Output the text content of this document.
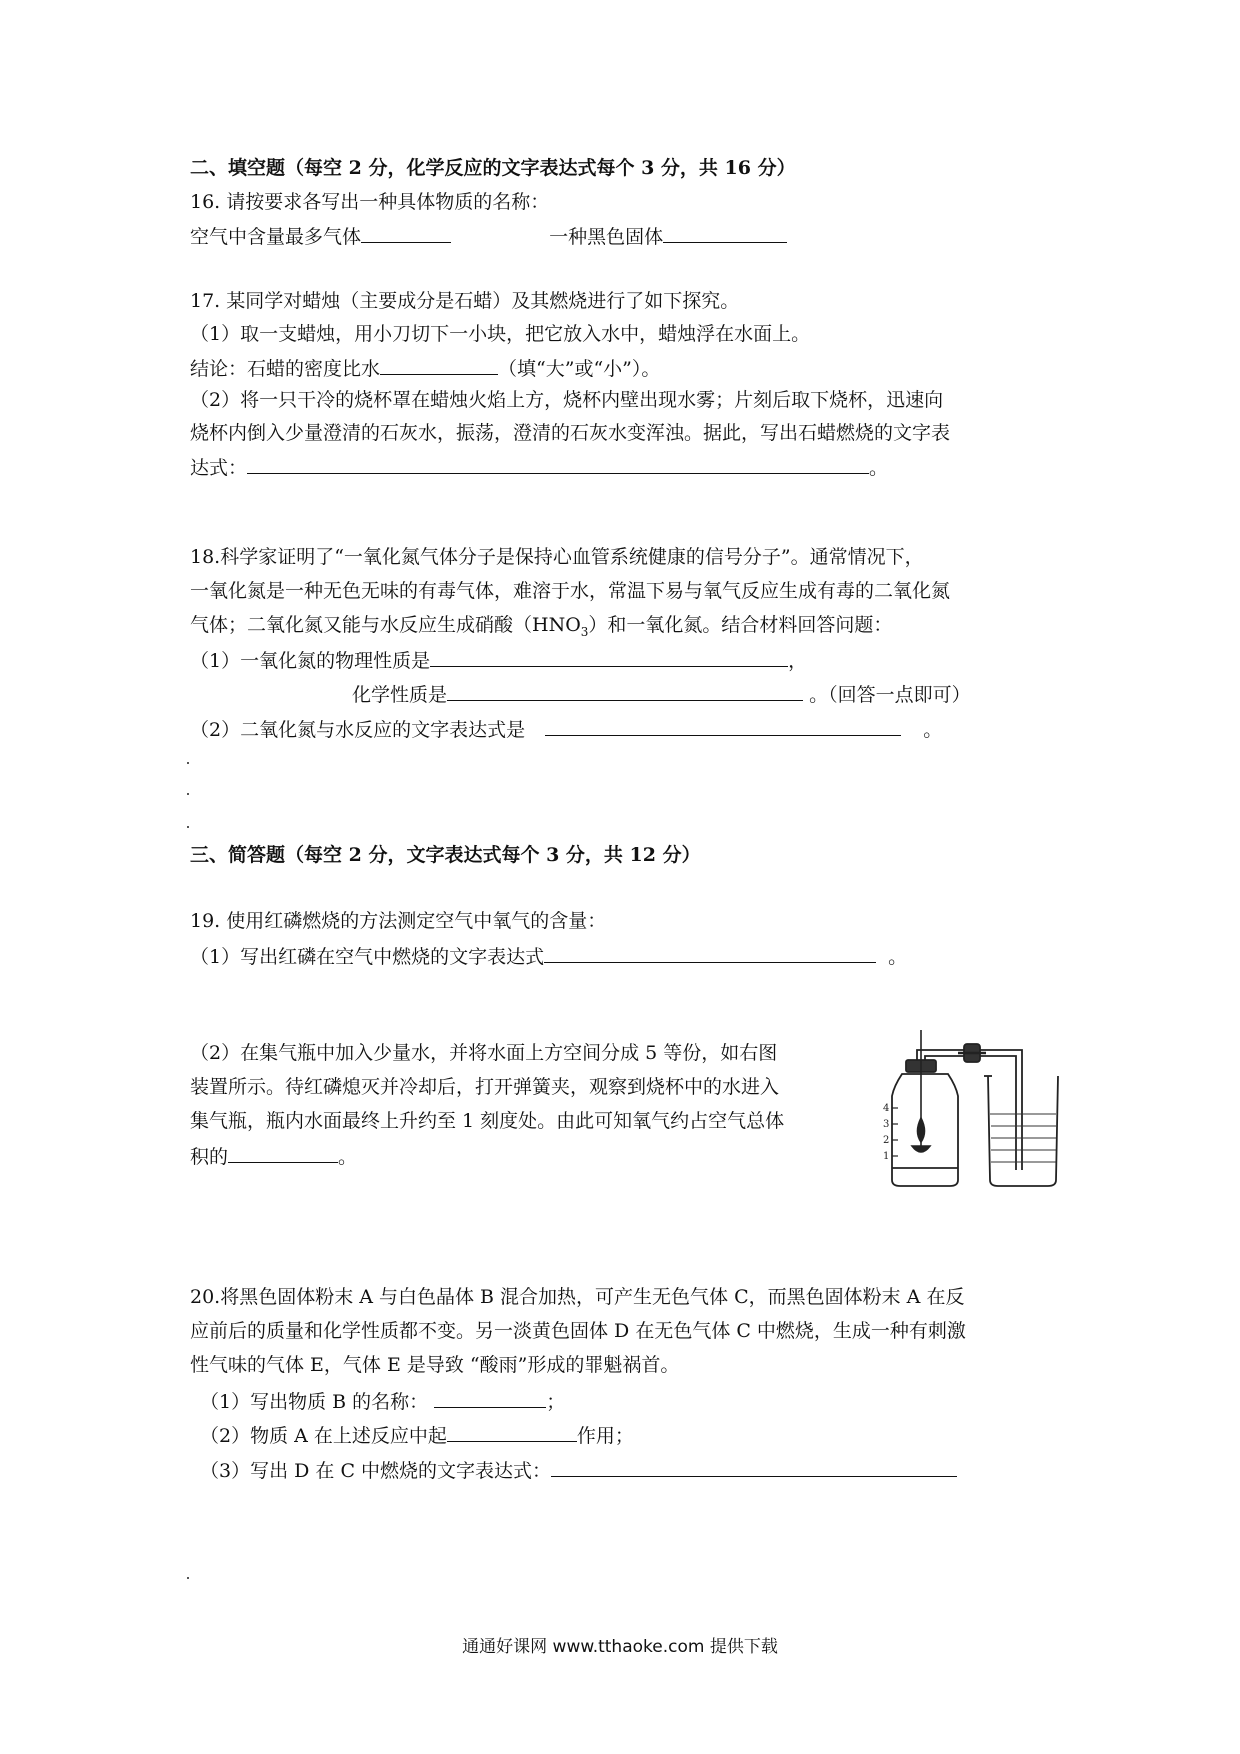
二、填空题（每空 2 分，化学反应的文字表达式每个 3 分，共 16 分）
16. 请按要求各写出一种具体物质的名称：
空气中含量最多气体	一种黑色固体
17. 某同学对蜡烛（主要成分是石蜡）及其燃烧进行了如下探究。
（1）取一支蜡烛，用小刀切下一小块，把它放入水中，蜡烛浮在水面上。
结论：石蜡的密度比水	（填“大”或“小”）。
（2）将一只干冷的烧杯罩在蜡烛火焰上方，烧杯内壁出现水雾；片刻后取下烧杯，迅速向
烧杯内倒入少量澄清的石灰水，振荡，澄清的石灰水变浑浊。据此，写出石蜡燃烧的文字表
达式：	。
18.科学家证明了“一氧化氮气体分子是保持心血管系统健康的信号分子”。通常情况下，
一氧化氮是一种无色无味的有毒气体，难溶于水，常温下易与氧气反应生成有毒的二氧化氮
气体；二氧化氮又能与水反应生成硝酸$(HNO_3)$和一氧化氮。结合材料回答问题：
（1）一氧化氮的物理性质是	，
化学性质是	。（回答一点即可）
（2）二氧化氮与水反应的文字表达式是	。
三、简答题（每空 2 分，文字表达式每个 3 分，共 12 分）
19. 使用红磷燃烧的方法测定空气中氧气的含量：
（1）写出红磷在空气中燃烧的文字表达式	。
（2）在集气瓶中加入少量水，并将水面上方空间分成 5 等份，如右图
装置所示。待红磷熄灭并冷却后，打开弹簧夹，观察到烧杯中的水进入
集气瓶，瓶内水面最终上升约至 1 刻度处。由此可知氧气约占空气总体
积的	。
4
3
2
1
20.将黑色固体粉末 A 与白色晶体 B 混合加热，可产生无色气体 C，而黑色固体粉末 A 在反
应前后的质量和化学性质都不变。另一淡黄色固体 D 在无色气体 C 中燃烧，生成一种有刺激
性气味的气体 E，气体 E 是导致 “酸雨”形成的罪魁祸首。
（1）写出物质 B 的名称：	；
（2）物质 A 在上述反应中起	作用；
（3）写出 D 在 C 中燃烧的文字表达式：
通通好课网 www.tthaoke.com 提供下载
